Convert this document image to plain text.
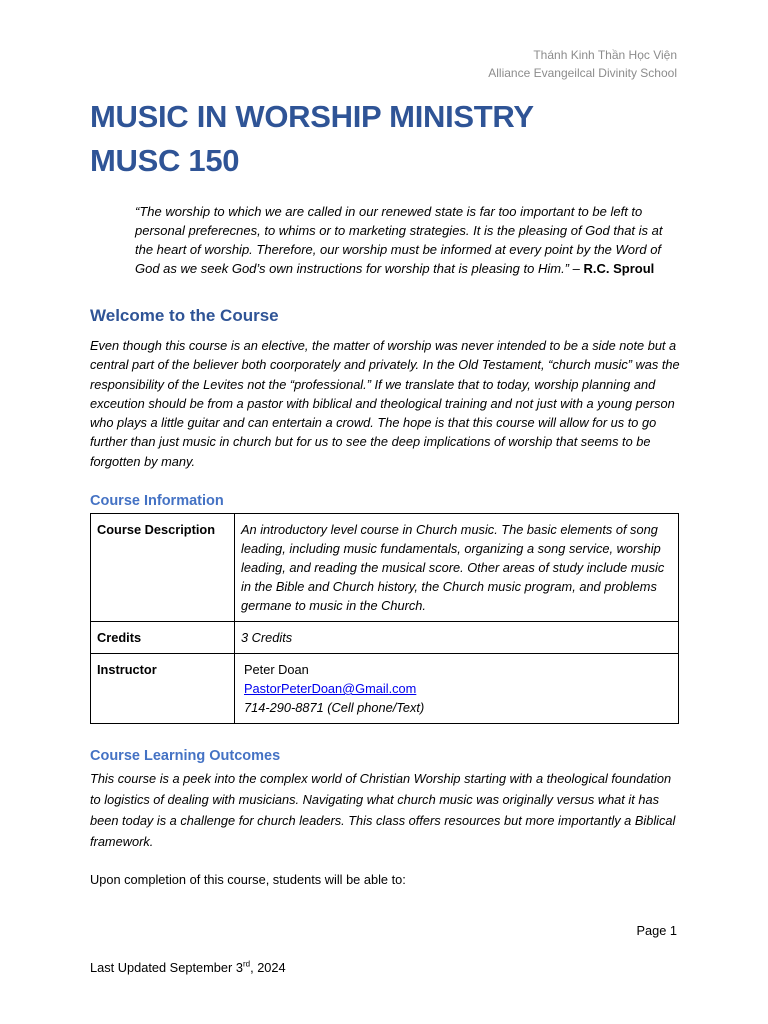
Thánh Kinh Thần Học Viện
Alliance Evangeilcal Divinity School
MUSIC IN WORSHIP MINISTRY
MUSC 150

“The worship to which we are called in our renewed state is far too important to be left to personal preferecnes, to whims or to marketing strategies. It is the pleasing of God that is at the heart of worship. Therefore, our worship must be informed at every point by the Word of God as we seek God’s own instructions for worship that is pleasing to Him.” – R.C. Sproul

Welcome to the Course

Even though this course is an elective, the matter of worship was never intended to be a side note but a central part of the believer both coorporately and privately. In the Old Testament, “church music” was the responsibility of the Levites not the “professional.” If we translate that to today, worship planning and exceution should be from a pastor with biblical and theological training and not just with a young person who plays a little guitar and can entertain a crowd. The hope is that this course will allow for us to go further than just music in church but for us to see the deep implications of worship that seems to be forgotten by many.

Course Information
Course Description	An introductory level course in Church music. The basic elements of song leading, including music fundamentals, organizing a song service, worship leading, and reading the musical score. Other areas of study include music in the Bible and Church history, the Church music program, and problems germane to music in the Church.
Credits	3 Credits
Instructor	Peter Doan
PastorPeterDoan@Gmail.com
714-290-8871 (Cell phone/Text)
Course Learning Outcomes

This course is a peek into the complex world of Christian Worship starting with a theological foundation to logistics of dealing with musicians. Navigating what church music was originally versus what it has been today is a challenge for church leaders. This class offers resources but more importantly a Biblical framework.

Upon completion of this course, students will be able to:

Page 1
Last Updated September 3rd, 2024
